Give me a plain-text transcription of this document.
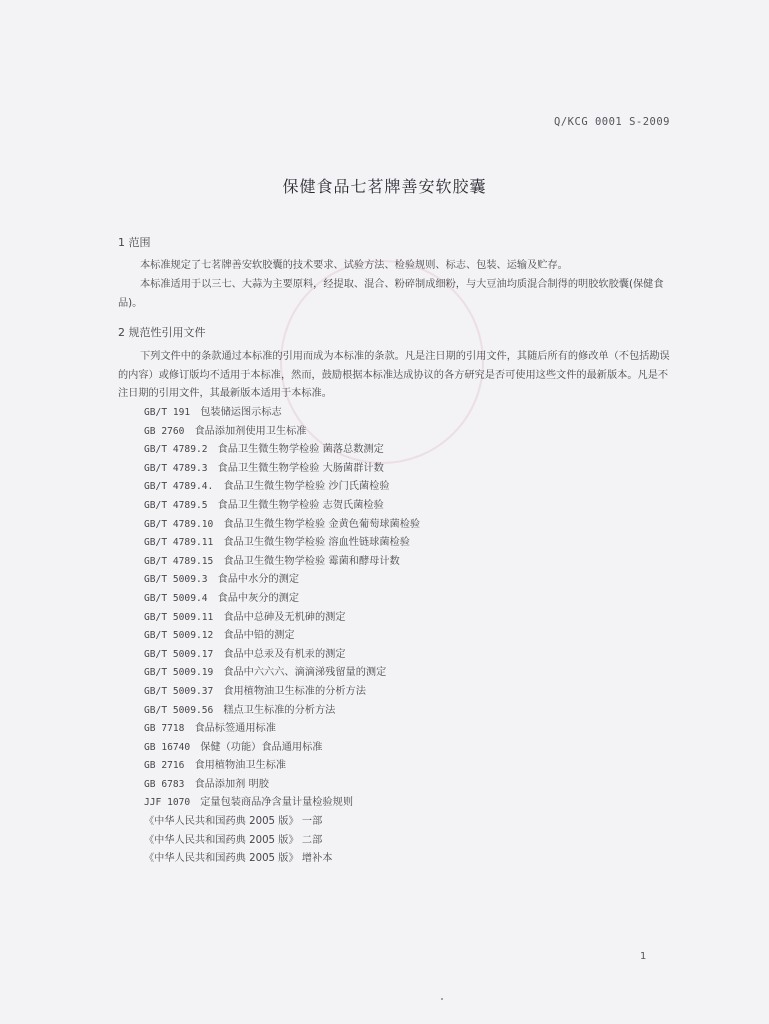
Q/KCG 0001 S-2009
保健食品七茗牌善安软胶囊
1 范围
本标准规定了七茗牌善安软胶囊的技术要求、试验方法、检验规则、标志、包装、运输及贮存。
本标准适用于以三七、大蒜为主要原料，经提取、混合、粉碎制成细粉，与大豆油均质混合制得的明胶软胶囊(保健食品)。
2 规范性引用文件
下列文件中的条款通过本标准的引用而成为本标准的条款。凡是注日期的引用文件，其随后所有的修改单（不包括勘误的内容）或修订版均不适用于本标准，然而，鼓励根据本标准达成协议的各方研究是否可使用这些文件的最新版本。凡是不注日期的引用文件，其最新版本适用于本标准。
GB/T 191 包装储运图示标志
GB 2760 食品添加剂使用卫生标准
GB/T 4789.2 食品卫生微生物学检验 菌落总数测定
GB/T 4789.3 食品卫生微生物学检验 大肠菌群计数
GB/T 4789.4. 食品卫生微生物学检验 沙门氏菌检验
GB/T 4789.5 食品卫生微生物学检验 志贺氏菌检验
GB/T 4789.10 食品卫生微生物学检验 金黄色葡萄球菌检验
GB/T 4789.11 食品卫生微生物学检验 溶血性链球菌检验
GB/T 4789.15 食品卫生微生物学检验 霉菌和酵母计数
GB/T 5009.3 食品中水分的测定
GB/T 5009.4 食品中灰分的测定
GB/T 5009.11 食品中总砷及无机砷的测定
GB/T 5009.12 食品中铅的测定
GB/T 5009.17 食品中总汞及有机汞的测定
GB/T 5009.19 食品中六六六、滴滴涕残留量的测定
GB/T 5009.37 食用植物油卫生标准的分析方法
GB/T 5009.56 糕点卫生标准的分析方法
GB 7718 食品标签通用标准
GB 16740 保健（功能）食品通用标准
GB 2716 食用植物油卫生标准
GB 6783 食品添加剂 明胶
JJF 1070 定量包装商品净含量计量检验规则
《中华人民共和国药典 2005 版》 一部
《中华人民共和国药典 2005 版》 二部
《中华人民共和国药典 2005 版》 增补本
1
